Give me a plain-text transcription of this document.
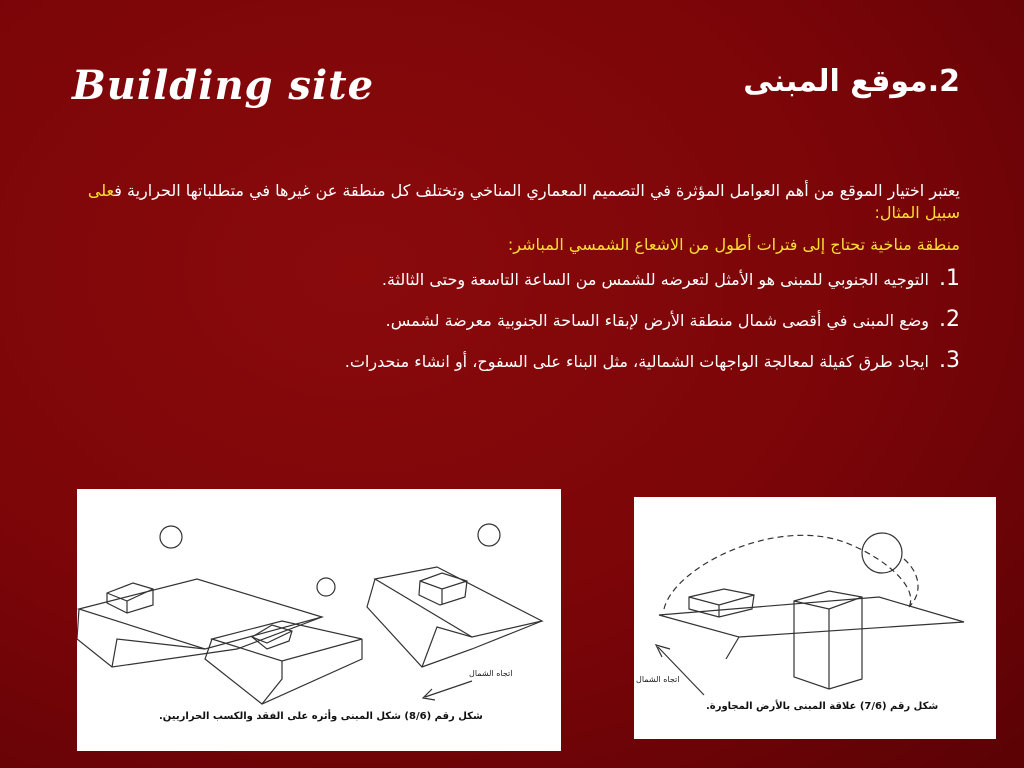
Building site	2.موقع المبنى

يعتبر اختيار الموقع من أهم العوامل المؤثرة في التصميم المعماري المناخي وتختلف كل منطقة عن غيرها في متطلباتها الحرارية فعلى سبيل المثال:

منطقة مناخية تحتاج إلى فترات أطول من الاشعاع الشمسي المباشر:

1.
التوجيه الجنوبي للمبنى هو الأمثل لتعرضه للشمس من الساعة التاسعة وحتى الثالثة.
2.
وضع المبنى في أقصى شمال منطقة الأرض لإبقاء الساحة الجنوبية معرضة لشمس.
3.
ايجاد طرق كفيلة لمعالجة الواجهات الشمالية، مثل البناء على السفوح، أو انشاء منحدرات.
اتجاه الشمال
شكل رقم (8/6) شكل المبنى وأثره على الفقد والكسب الحراريين.
اتجاه الشمال
شكل رقم (7/6) علاقة المبنى بالأرض المجاورة.
